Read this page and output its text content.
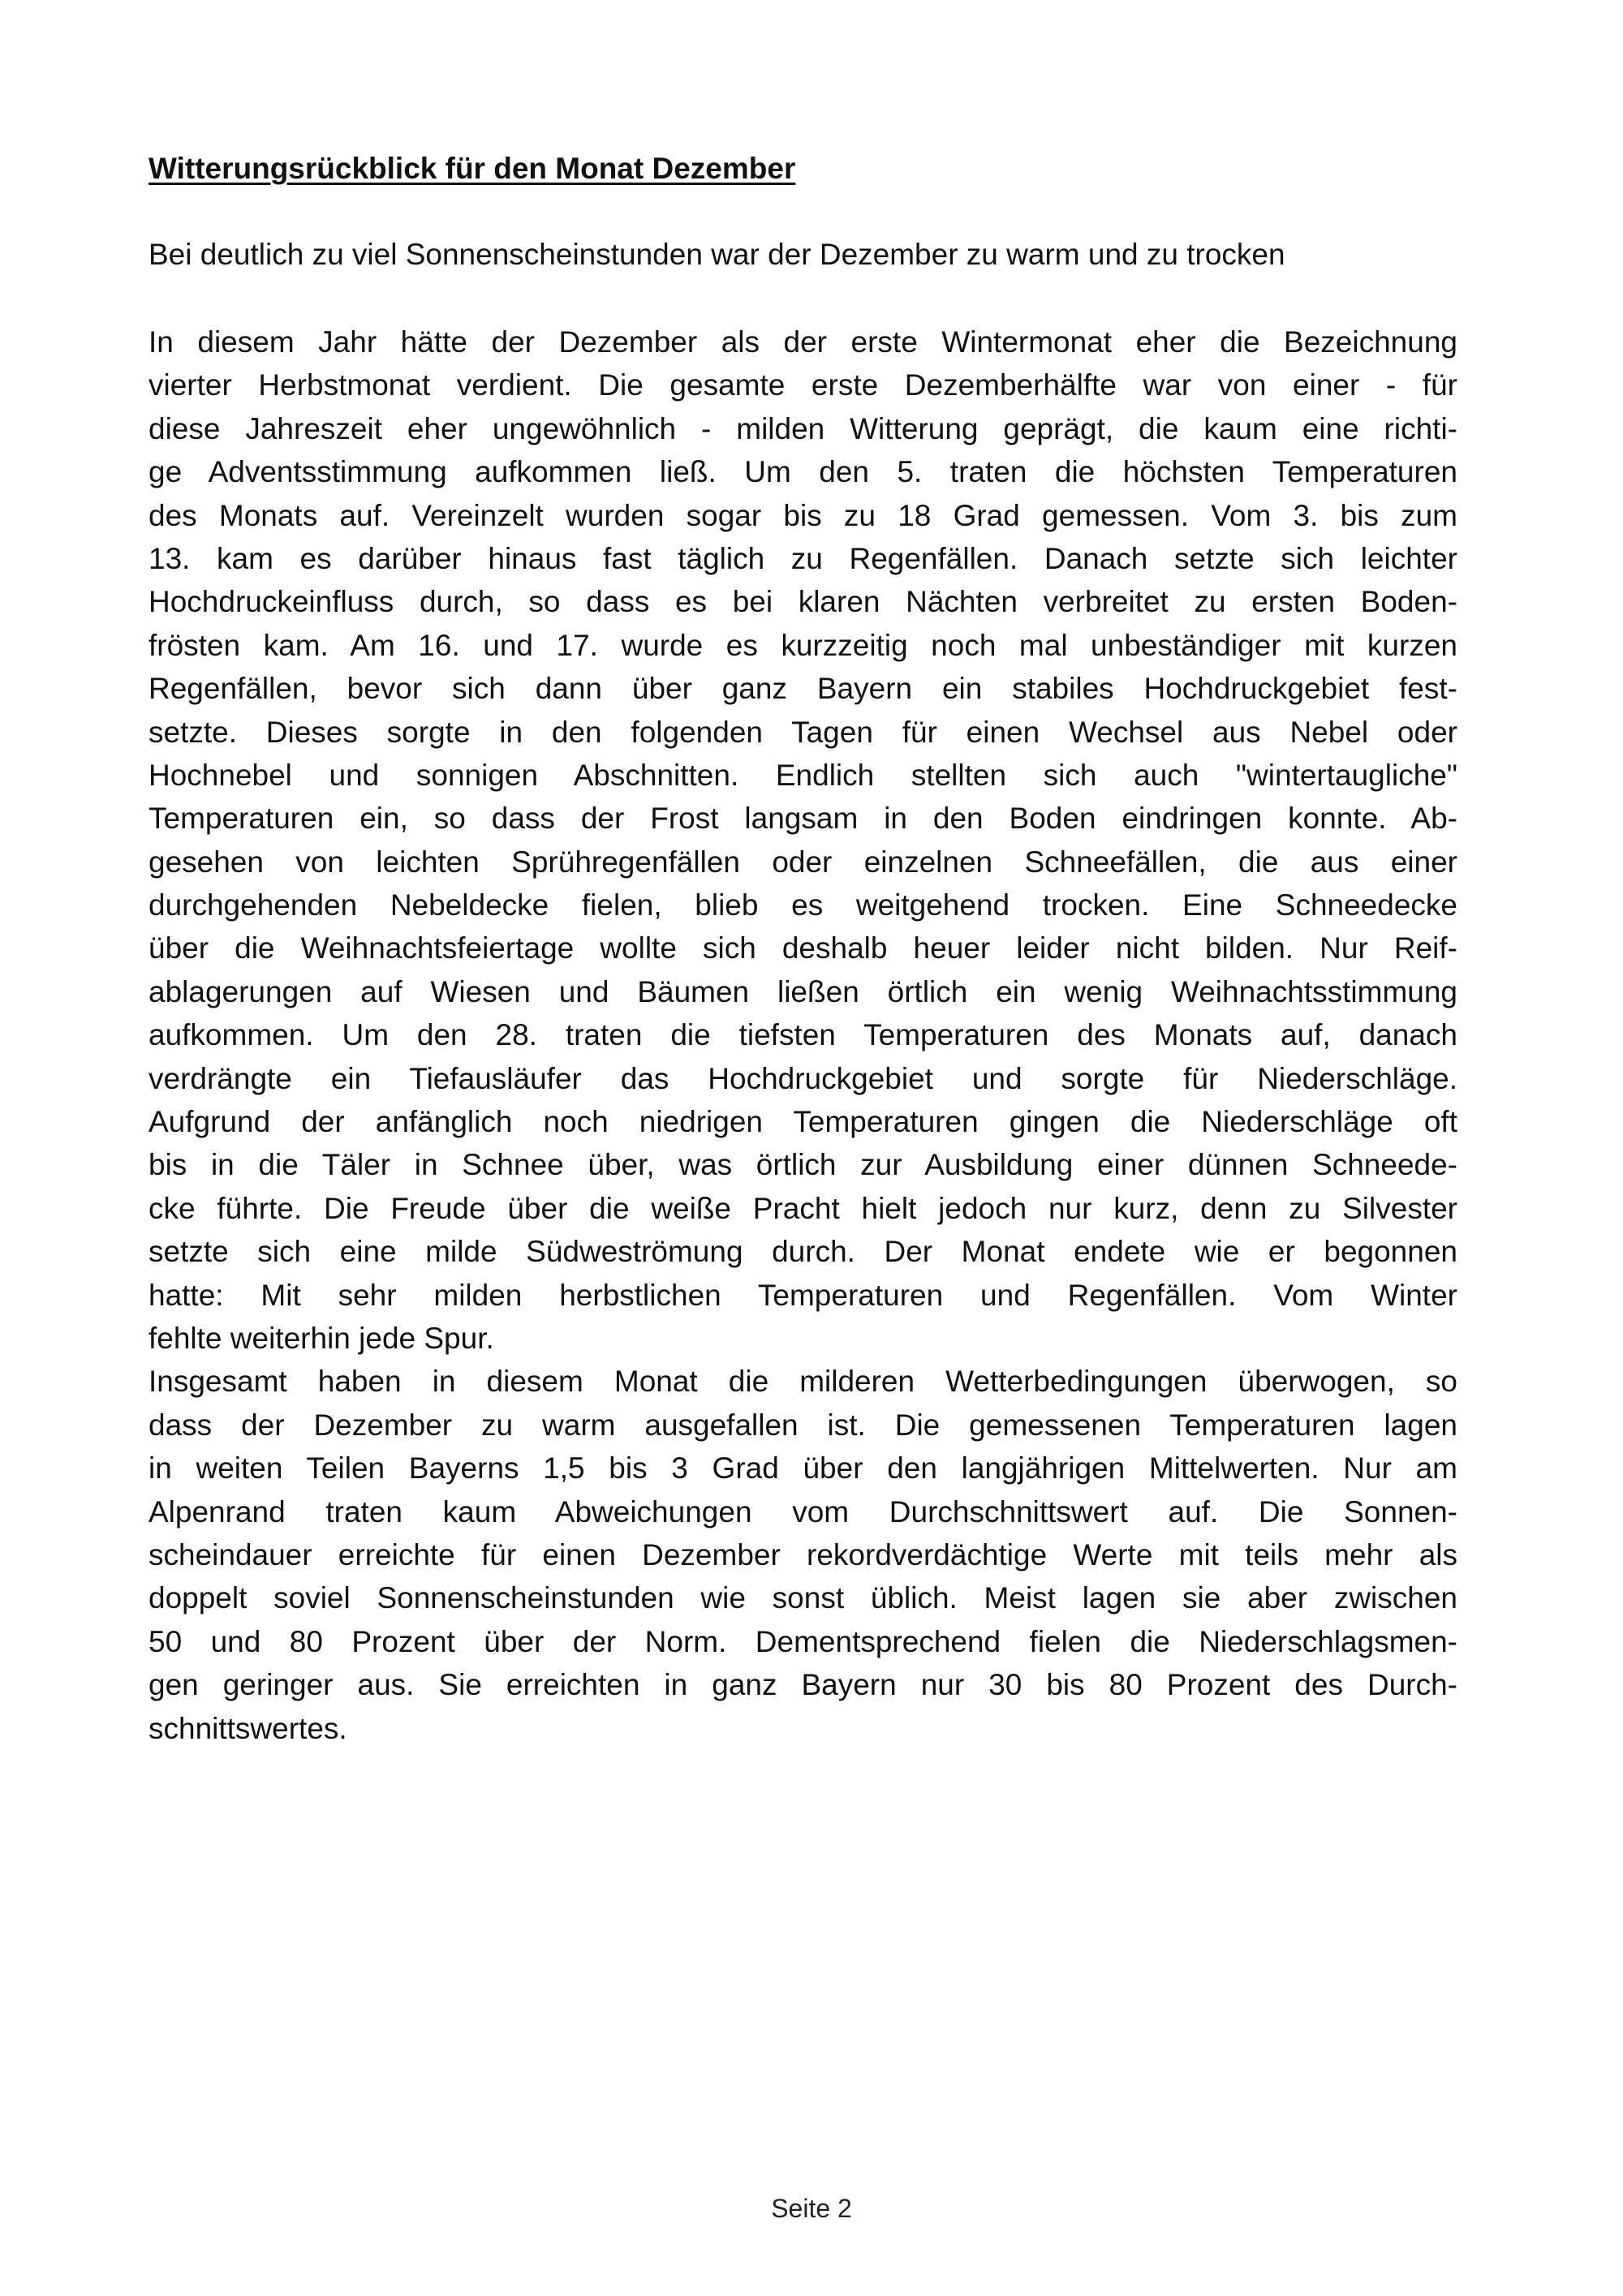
Witterungsrückblick für den Monat Dezember
Bei deutlich zu viel Sonnenscheinstunden war der Dezember zu warm und zu trocken
In diesem Jahr hätte der Dezember als der erste Wintermonat eher die Bezeichnung
vierter Herbstmonat verdient. Die gesamte erste Dezemberhälfte war von einer - für
diese Jahreszeit eher ungewöhnlich - milden Witterung geprägt, die kaum eine richti-
ge Adventsstimmung aufkommen ließ. Um den 5. traten die höchsten Temperaturen
des Monats auf. Vereinzelt wurden sogar bis zu 18 Grad gemessen. Vom 3. bis zum
13. kam es darüber hinaus fast täglich zu Regenfällen. Danach setzte sich leichter
Hochdruckeinfluss durch, so dass es bei klaren Nächten verbreitet zu ersten Boden-
frösten kam. Am 16. und 17. wurde es kurzzeitig noch mal unbeständiger mit kurzen
Regenfällen, bevor sich dann über ganz Bayern ein stabiles Hochdruckgebiet fest-
setzte. Dieses sorgte in den folgenden Tagen für einen Wechsel aus Nebel oder
Hochnebel und sonnigen Abschnitten. Endlich stellten sich auch "wintertaugliche"
Temperaturen ein, so dass der Frost langsam in den Boden eindringen konnte. Ab-
gesehen von leichten Sprühregenfällen oder einzelnen Schneefällen, die aus einer
durchgehenden Nebeldecke fielen, blieb es weitgehend trocken. Eine Schneedecke
über die Weihnachtsfeiertage wollte sich deshalb heuer leider nicht bilden. Nur Reif-
ablagerungen auf Wiesen und Bäumen ließen örtlich ein wenig Weihnachtsstimmung
aufkommen. Um den 28. traten die tiefsten Temperaturen des Monats auf, danach
verdrängte ein Tiefausläufer das Hochdruckgebiet und sorgte für Niederschläge.
Aufgrund der anfänglich noch niedrigen Temperaturen gingen die Niederschläge oft
bis in die Täler in Schnee über, was örtlich zur Ausbildung einer dünnen Schneede-
cke führte. Die Freude über die weiße Pracht hielt jedoch nur kurz, denn zu Silvester
setzte sich eine milde Südweströmung durch. Der Monat endete wie er begonnen
hatte: Mit sehr milden herbstlichen Temperaturen und Regenfällen. Vom Winter
fehlte weiterhin jede Spur.
Insgesamt haben in diesem Monat die milderen Wetterbedingungen überwogen, so
dass der Dezember zu warm ausgefallen ist. Die gemessenen Temperaturen lagen
in weiten Teilen Bayerns 1,5 bis 3 Grad über den langjährigen Mittelwerten. Nur am
Alpenrand traten kaum Abweichungen vom Durchschnittswert auf. Die Sonnen-
scheindauer erreichte für einen Dezember rekordverdächtige Werte mit teils mehr als
doppelt soviel Sonnenscheinstunden wie sonst üblich. Meist lagen sie aber zwischen
50 und 80 Prozent über der Norm. Dementsprechend fielen die Niederschlagsmen-
gen geringer aus. Sie erreichten in ganz Bayern nur 30 bis 80 Prozent des Durch-
schnittswertes.
Seite 2
